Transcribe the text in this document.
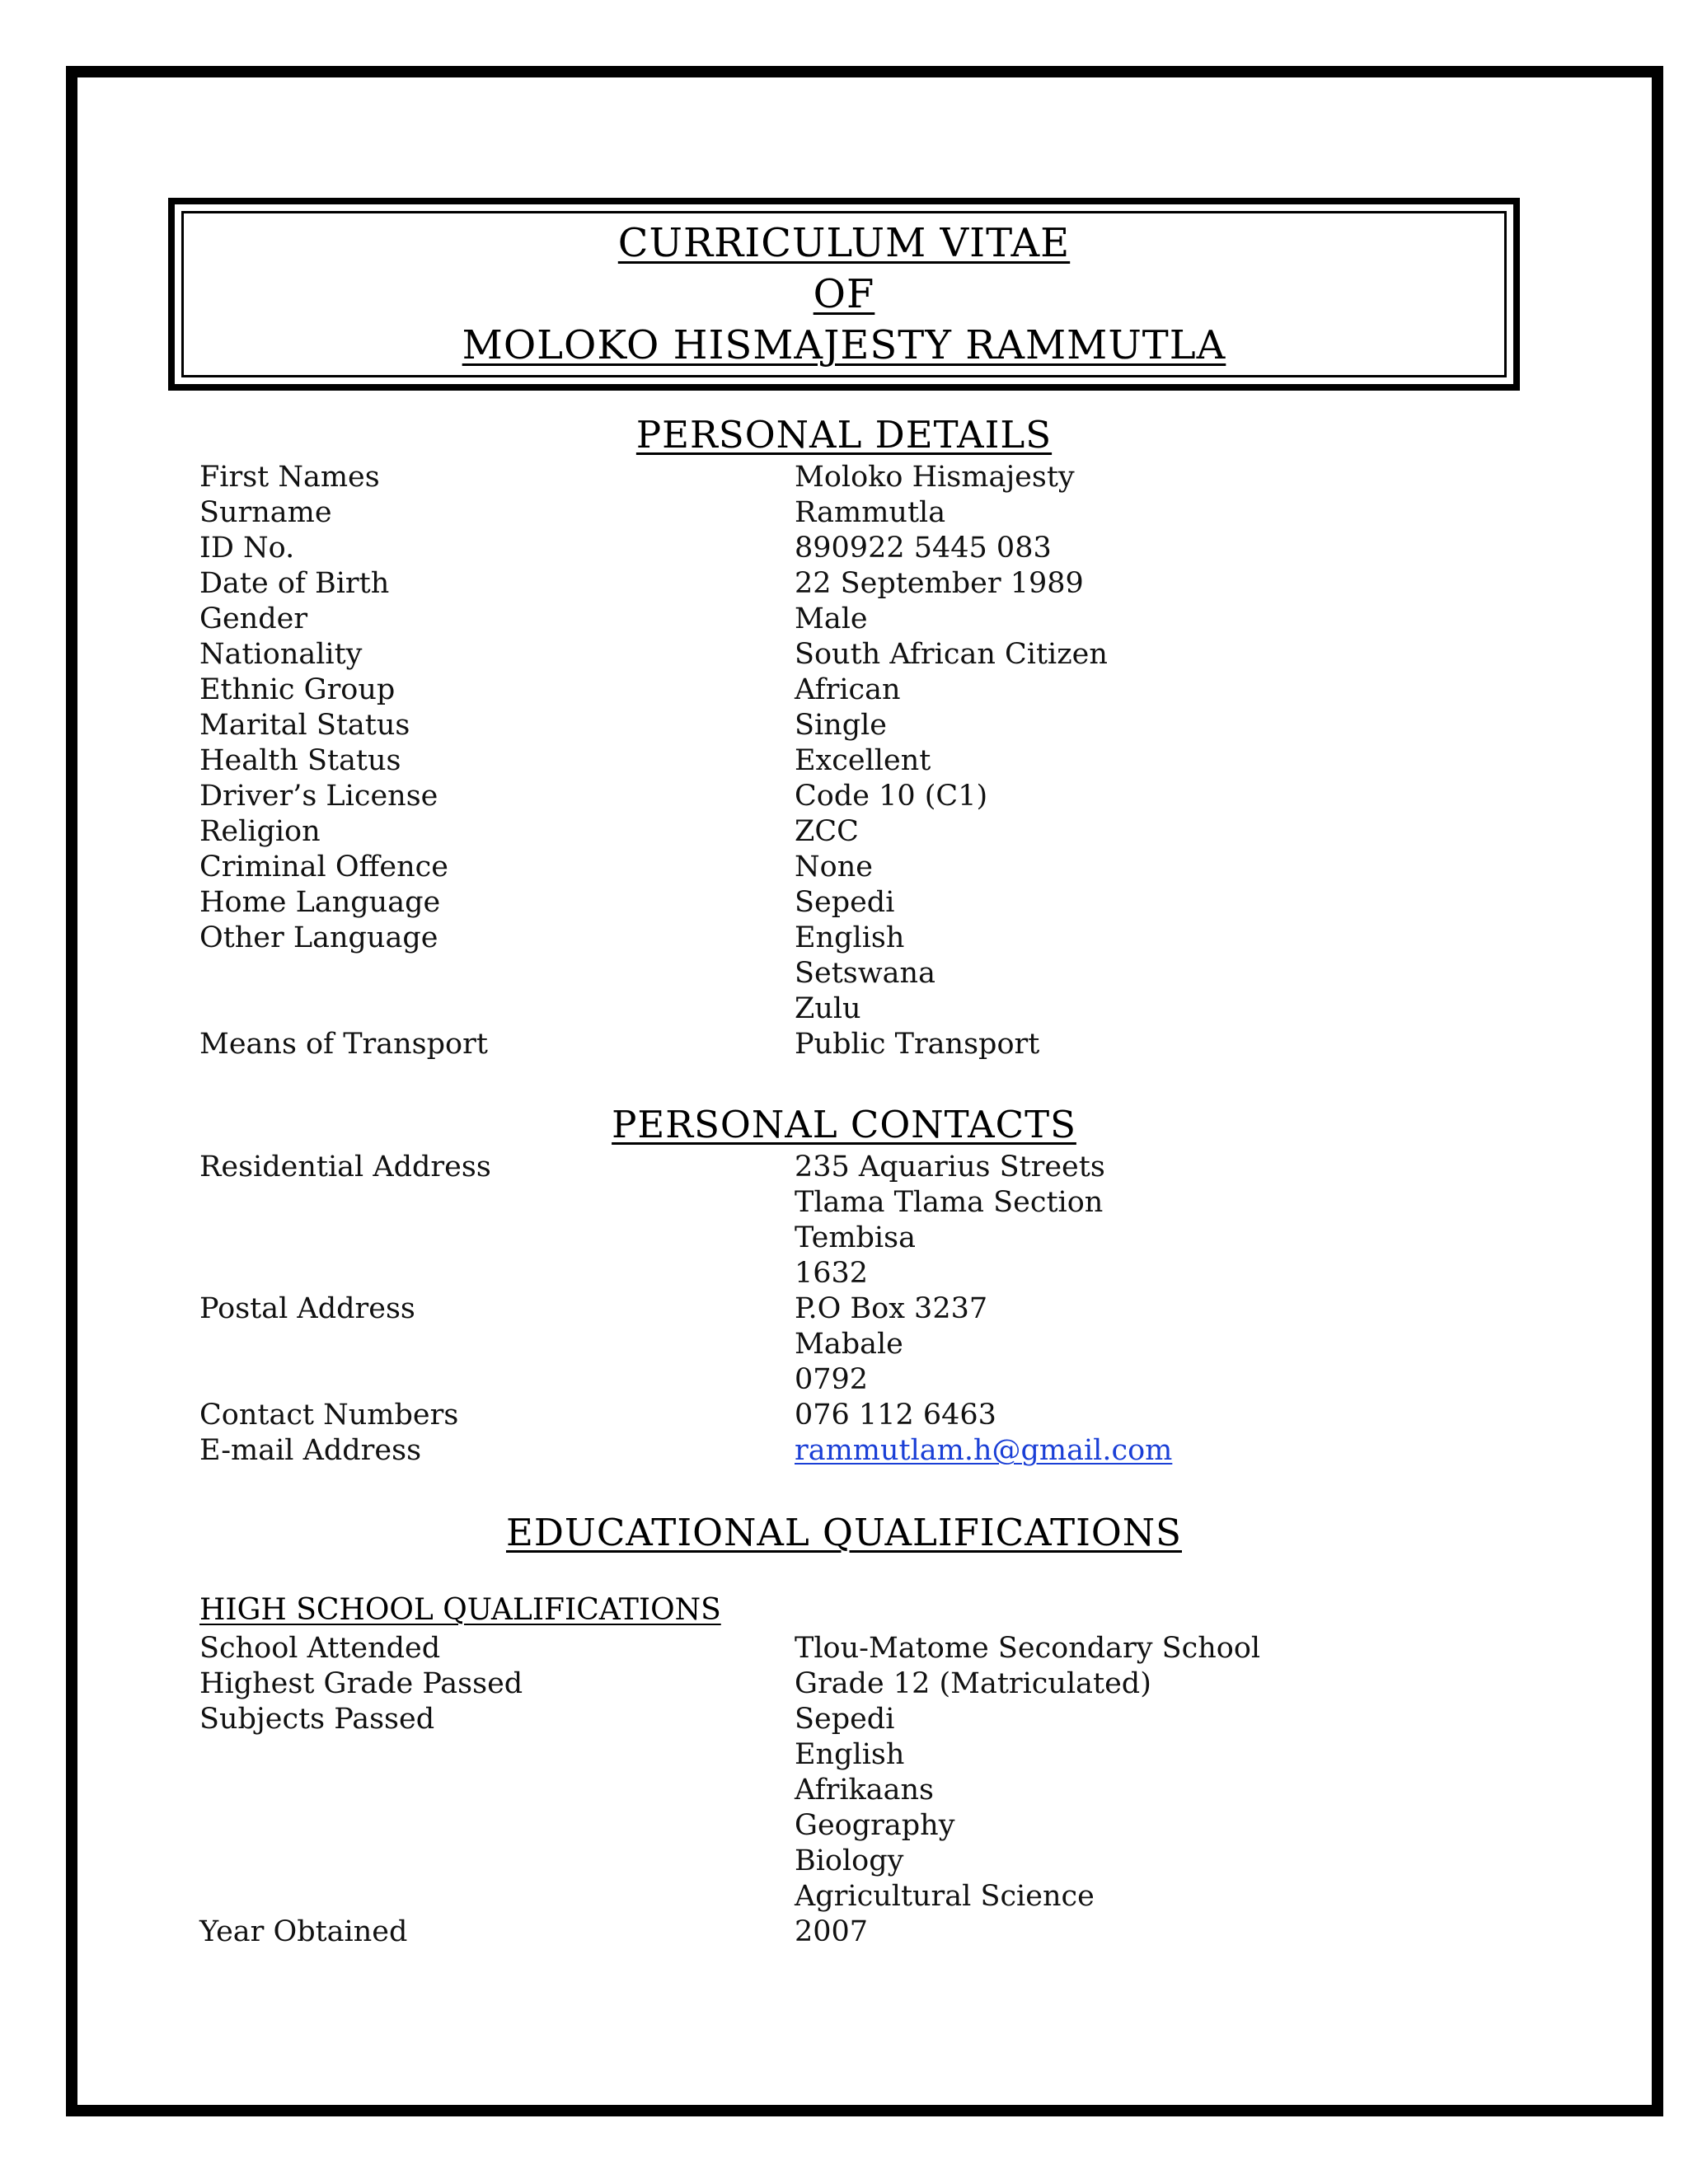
CURRICULUM VITAE
OF
MOLOKO HISMAJESTY RAMMUTLA
PERSONAL DETAILS
First Names	Moloko Hismajesty
Surname	Rammutla
ID No.	890922 5445 083
Date of Birth	22 September 1989
Gender	Male
Nationality	South African Citizen
Ethnic Group	African
Marital Status	Single
Health Status	Excellent
Driver’s License	Code 10 (C1)
Religion	ZCC
Criminal Offence	None
Home Language	Sepedi
Other Language	English
Setswana
Zulu
Means of Transport	Public Transport
PERSONAL CONTACTS
Residential Address	235 Aquarius Streets
Tlama Tlama Section
Tembisa
1632
Postal Address	P.O Box 3237
Mabale
0792
Contact Numbers	076 112 6463
E-mail Address	rammutlam.h@gmail.com
EDUCATIONAL QUALIFICATIONS
HIGH SCHOOL QUALIFICATIONS
School Attended	Tlou-Matome Secondary School
Highest Grade Passed	Grade 12 (Matriculated)
Subjects Passed	Sepedi
English
Afrikaans
Geography
Biology
Agricultural Science
Year Obtained	2007
